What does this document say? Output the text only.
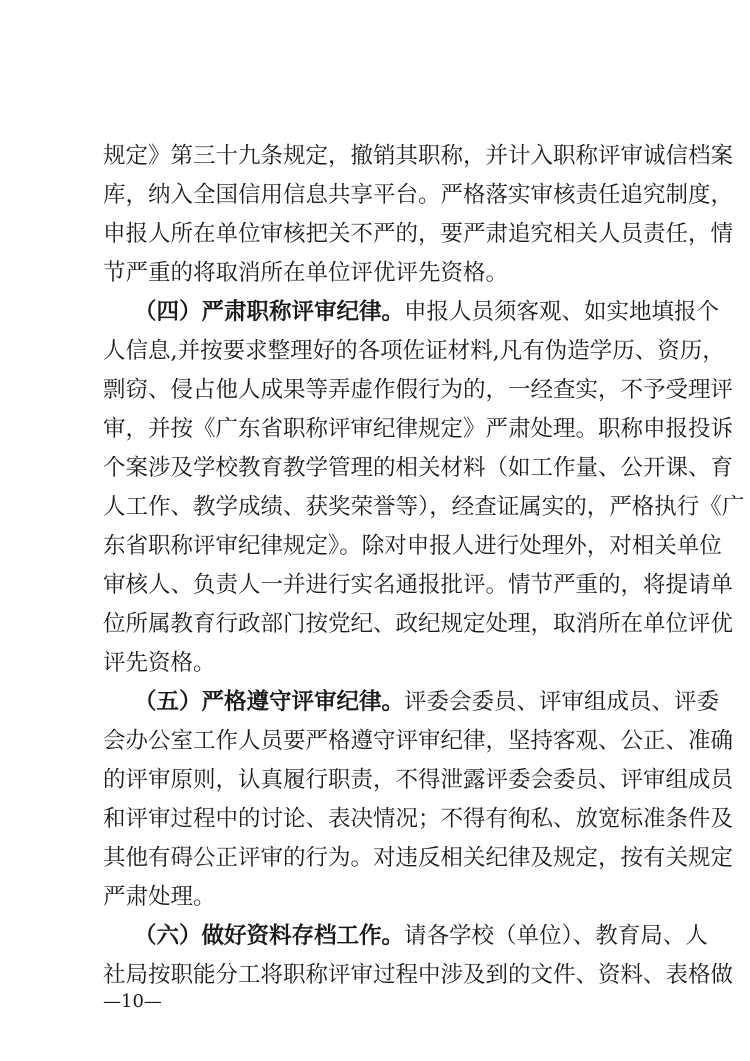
规定》第三十九条规定，撤销其职称，并计入职称评审诚信档案
库，纳入全国信用信息共享平台。严格落实审核责任追究制度，
申报人所在单位审核把关不严的，要严肃追究相关人员责任，情
节严重的将取消所在单位评优评先资格。
（四）严肃职称评审纪律。申报人员须客观、如实地填报个
人信息,并按要求整理好的各项佐证材料,凡有伪造学历、资历，
剽窃、侵占他人成果等弄虚作假行为的，一经查实，不予受理评
审，并按《广东省职称评审纪律规定》严肃处理。职称申报投诉
个案涉及学校教育教学管理的相关材料（如工作量、公开课、育
人工作、教学成绩、获奖荣誉等），经查证属实的，严格执行《广
东省职称评审纪律规定》。除对申报人进行处理外，对相关单位
审核人、负责人一并进行实名通报批评。情节严重的，将提请单
位所属教育行政部门按党纪、政纪规定处理，取消所在单位评优
评先资格。
（五）严格遵守评审纪律。评委会委员、评审组成员、评委
会办公室工作人员要严格遵守评审纪律，坚持客观、公正、准确
的评审原则，认真履行职责，不得泄露评委会委员、评审组成员
和评审过程中的讨论、表决情况；不得有徇私、放宽标准条件及
其他有碍公正评审的行为。对违反相关纪律及规定，按有关规定
严肃处理。
（六）做好资料存档工作。请各学校（单位）、教育局、人
社局按职能分工将职称评审过程中涉及到的文件、资料、表格做
—10—
